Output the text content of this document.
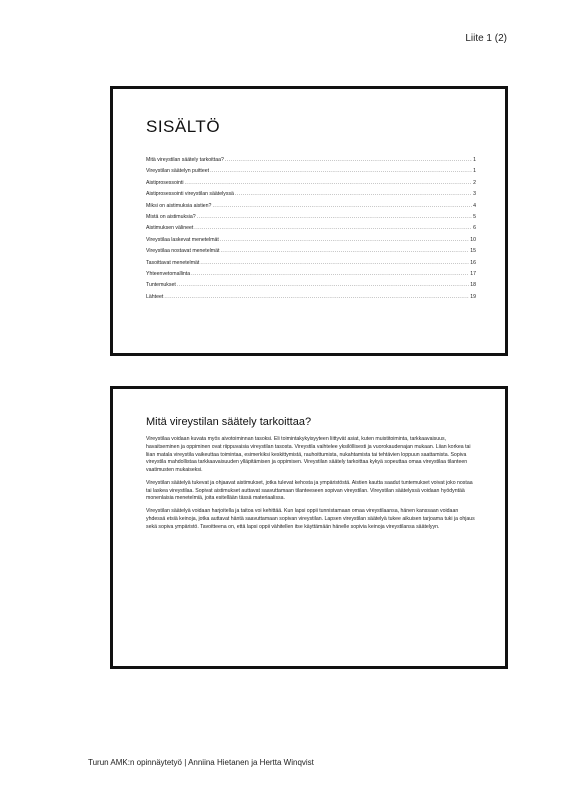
Liite 1 (2)
SISÄLTÖ
Mitä vireystilan säätely tarkoittaa? .....	1
Vireystilan säätelyn puitteet .....	1
Aistiprosessointi .....	2
Aistiprosessointi vireystilan säätelyssä .....	3
Miksi on aistimuksia aistien? .....	4
Mistä on aistimuksia? .....	5
Aistimuksen välineet .....	6
Vireystilaa laskevat menetelmät .....	10
Vireystilaa nostavat menetelmät .....	15
Tasoittavat menetelmät .....	16
Yhteenvetomallinta .....	17
Tuntemukset .....	18
Lähteet .....	19
Mitä vireystilan säätely tarkoittaa?

Vireystilaa voidaan kuvata myös aivotoiminnan tasoksi. Eli toimintakykyisyyteen liittyvät asiat, kuten muistitoiminta, tarkkaavaisuus, havaitseminen ja oppiminen ovat riippuvaisia vireystilan tasosta. Vireystila vaihtelee yksilöllisesti ja vuorokaudenajan mukaan. Liian korkea tai liian matala vireystila vaikeuttaa toimintaa, esimerkiksi keskittymistä, rauhoittumista, nukahtamista tai tehtävien loppuun saattamista. Sopiva vireystila mahdollistaa tarkkaavaisuuden ylläpitämisen ja oppimisen. Vireystilan säätely tarkoittaa kykyä sopeuttaa omaa vireystilaa tilanteen vaatimusten mukaiseksi.

Vireystilan säätelyä tukevat ja ohjaavat aistimukset, jotka tulevat kehosta ja ympäristöstä. Aistien kautta saadut tuntemukset voivat joko nostaa tai laskea vireystilaa. Sopivat aistimukset auttavat saavuttamaan tilanteeseen sopivan vireystilan. Vireystilan säätelyssä voidaan hyödyntää monenlaisia menetelmiä, joita esitellään tässä materiaalissa.

Vireystilan säätelyä voidaan harjoitella ja taitoa voi kehittää. Kun lapsi oppii tunnistamaan omaa vireystilaansa, hänen kanssaan voidaan yhdessä etsiä keinoja, jotka auttavat häntä saavuttamaan sopivan vireystilan. Lapsen vireystilan säätelyä tukee aikuisen tarjoama tuki ja ohjaus sekä sopiva ympäristö. Tavoitteena on, että lapsi oppii vähitellen itse käyttämään hänelle sopivia keinoja vireystilansa säätelyyn.

Turun AMK:n opinnäytetyö | Anniina Hietanen ja Hertta Winqvist
